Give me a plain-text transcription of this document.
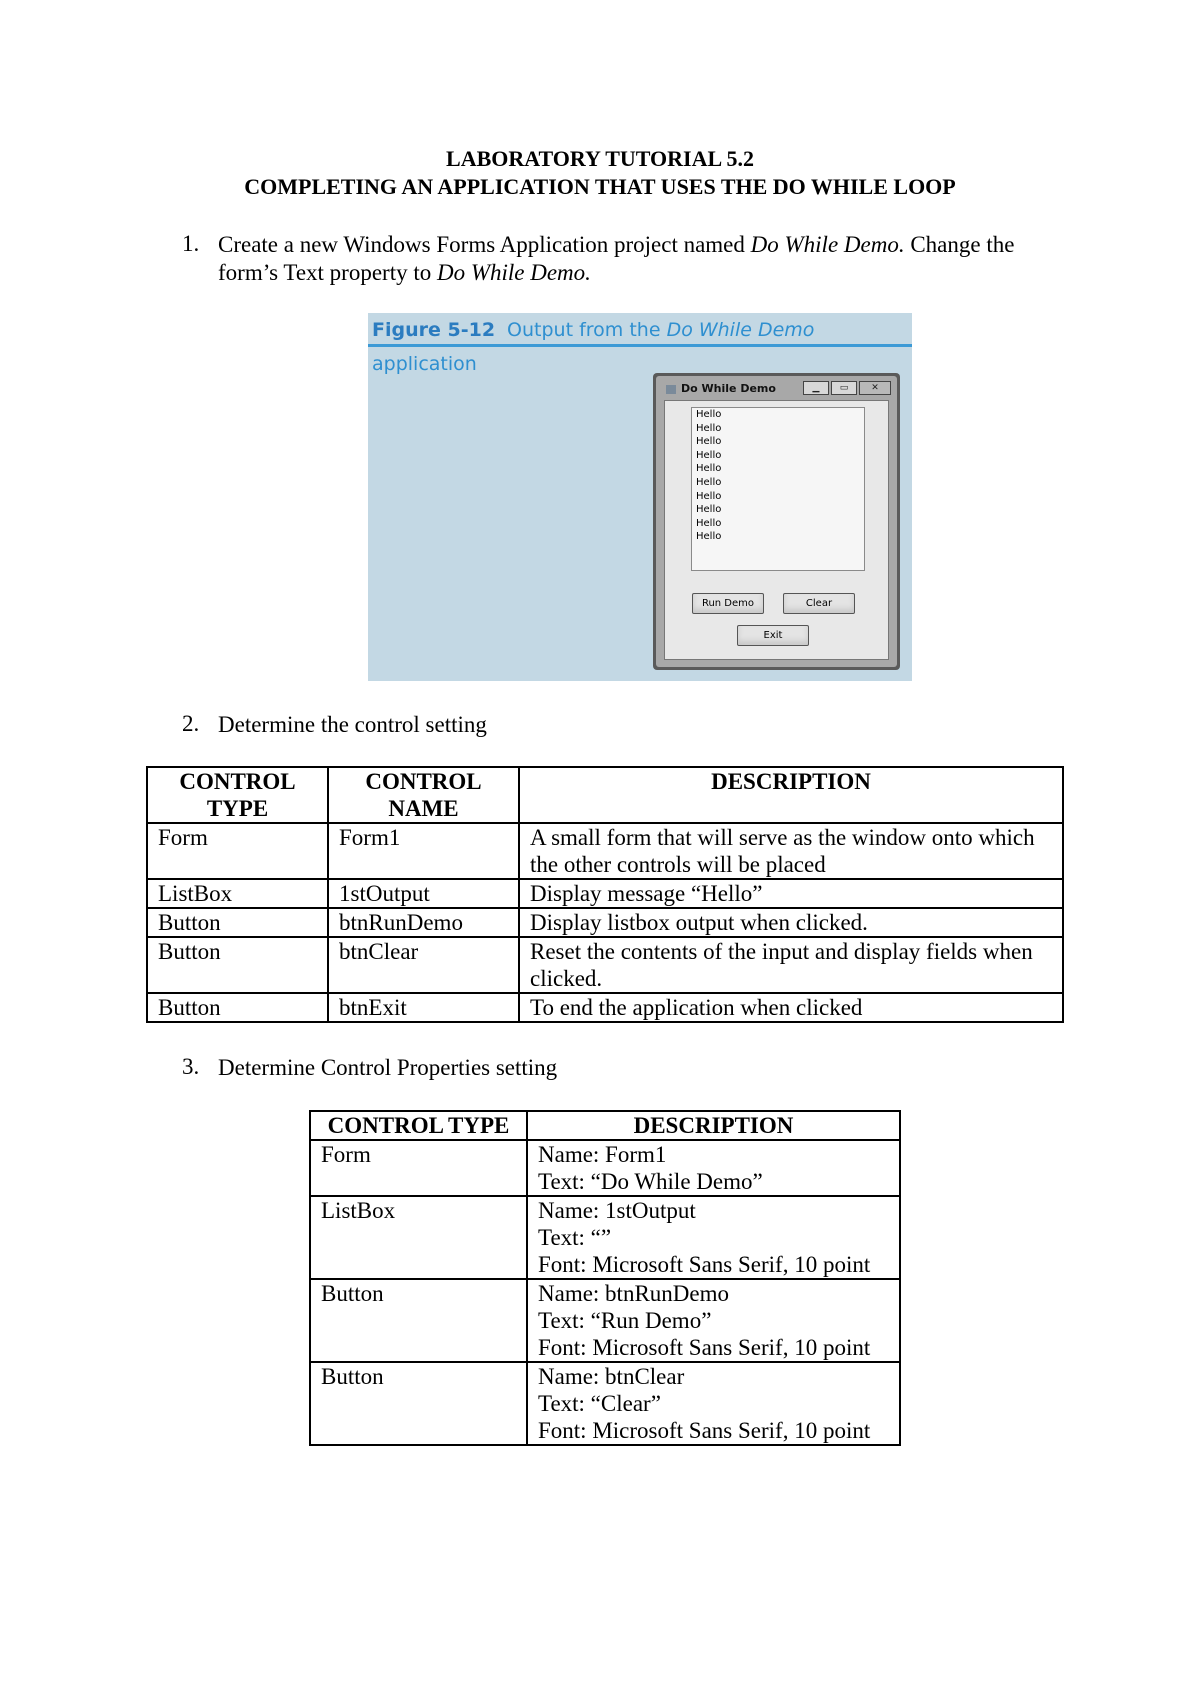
LABORATORY TUTORIAL 5.2
COMPLETING AN APPLICATION THAT USES THE DO WHILE LOOP
1. Create a new Windows Forms Application project named Do While Demo. Change the form’s Text property to Do While Demo.
Figure 5-12 Output from the Do While Demo application
Do While Demo	▁ ▭	✕
Hello
Hello
Hello
Hello
Hello
Hello
Hello
Hello
Hello
Hello
Run Demo	Clear
Exit
2. Determine the control setting
CONTROL TYPE	CONTROL NAME	DESCRIPTION
Form	Form1	A small form that will serve as the window onto which the other controls will be placed
ListBox	1stOutput	Display message “Hello”
Button	btnRunDemo	Display listbox output when clicked.
Button	btnClear	Reset the contents of the input and display fields when clicked.
Button	btnExit	To end the application when clicked
3. Determine Control Properties setting
CONTROL TYPE	DESCRIPTION
Form	Name: Form1
Text: “Do While Demo”

ListBox	Name: 1stOutput
Text: “”
Font: Microsoft Sans Serif, 10 point

Button	Name: btnRunDemo
Text: “Run Demo”
Font: Microsoft Sans Serif, 10 point

Button	Name: btnClear
Text: “Clear”
Font: Microsoft Sans Serif, 10 point
